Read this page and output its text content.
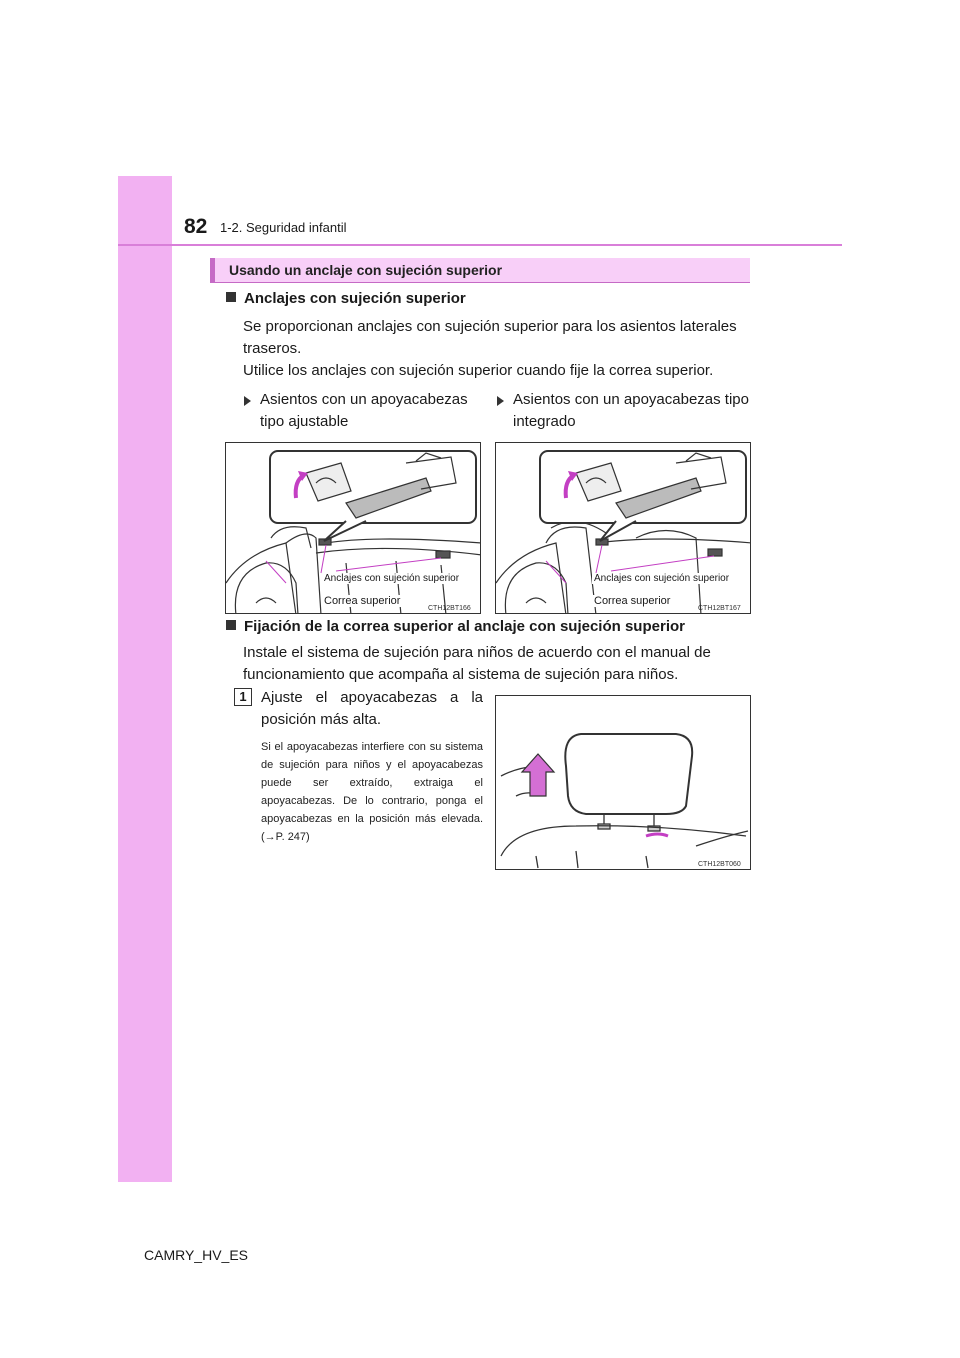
82 1-2. Seguridad infantil
Usando un anclaje con sujeción superior
Anclajes con sujeción superior
Se proporcionan anclajes con sujeción superior para los asientos laterales traseros.
Utilice los anclajes con sujeción superior cuando fije la correa superior.
Asientos con un apoyacabezas tipo ajustable
Asientos con un apoyacabezas tipo integrado
Anclajes con sujeción superior
Correa superior
CTH12BT166
Anclajes con sujeción superior
Correa superior
CTH12BT167
Fijación de la correa superior al anclaje con sujeción superior
Instale el sistema de sujeción para niños de acuerdo con el manual de funcionamiento que acompaña al sistema de sujeción para niños.
1 Ajuste el apoyacabezas a la posición más alta.
Si el apoyacabezas interfiere con su sistema de sujeción para niños y el apoyacabezas puede ser extraído, extraiga el apoyacabezas. De lo contrario, ponga el apoyacabezas en la posición más elevada. (→P. 247)
CTH12BT060
CAMRY_HV_ES
